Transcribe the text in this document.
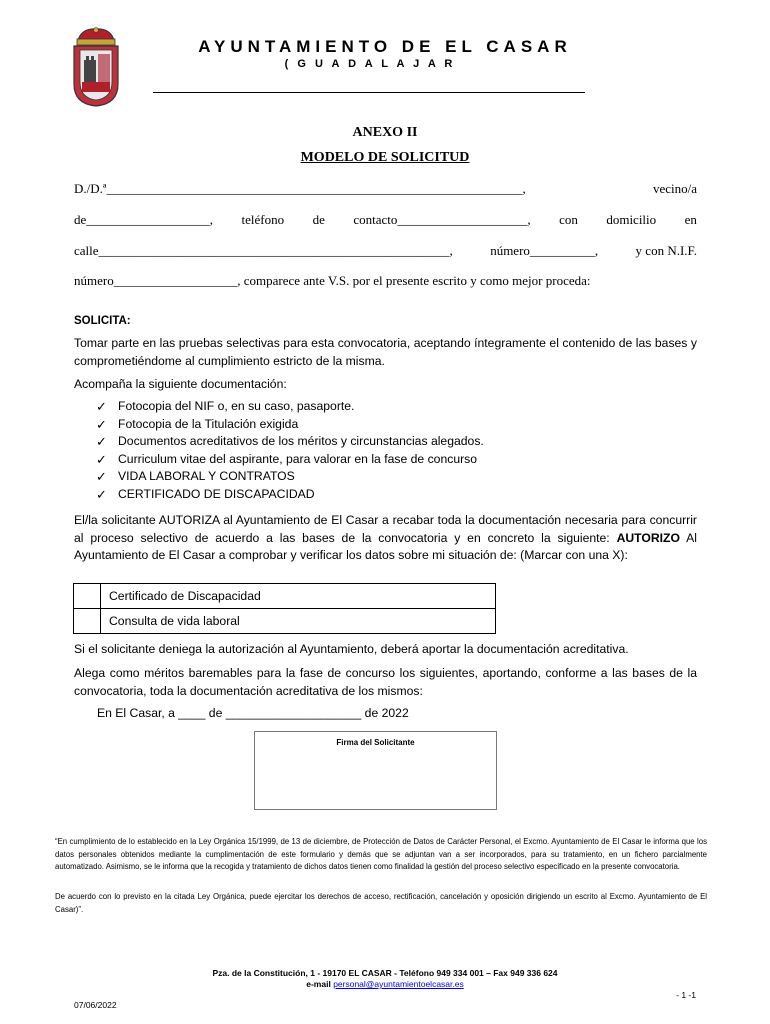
AYUNTAMIENTO DE EL CASAR
( G U A D A L A J A R
ANEXO II
MODELO DE SOLICITUD
D./D.ª________________________________________________________________,	vecino/a
de___________________, teléfono de contacto____________________, con domicilio en
calle______________________________________________________,	número__________,	y con N.I.F.
número___________________, comparece ante V.S. por el presente escrito y como mejor proceda:
SOLICITA:
Tomar parte en las pruebas selectivas para esta convocatoria, aceptando íntegramente el contenido de las bases y comprometiéndome al cumplimiento estricto de la misma.
Acompaña la siguiente documentación:
✓ Fotocopia del NIF o, en su caso, pasaporte.
✓ Fotocopia de la Titulación exigida
✓ Documentos acreditativos de los méritos y circunstancias alegados.
✓ Curriculum vitae del aspirante, para valorar en la fase de concurso
✓ VIDA LABORAL Y CONTRATOS
✓ CERTIFICADO DE DISCAPACIDAD
El/la solicitante AUTORIZA al Ayuntamiento de El Casar a recabar toda la documentación necesaria para concurrir al proceso selectivo de acuerdo a las bases de la convocatoria y en concreto la siguiente: AUTORIZO Al Ayuntamiento de El Casar a comprobar y verificar los datos sobre mi situación de: (Marcar con una X):
	Certificado de Discapacidad
	Consulta de vida laboral
Si el solicitante deniega la autorización al Ayuntamiento, deberá aportar la documentación acreditativa.
Alega como méritos baremables para la fase de concurso los siguientes, aportando, conforme a las bases de la convocatoria, toda la documentación acreditativa de los mismos:
En El Casar, a ____ de ____________________ de 2022
Firma del Solicitante
“En cumplimiento de lo establecido en la Ley Orgánica 15/1999, de 13 de diciembre, de Protección de Datos de Carácter Personal, el Excmo. Ayuntamiento de El Casar le informa que los datos personales obtenidos mediante la cumplimentación de este formulario y demás que se adjuntan van a ser incorporados, para su tratamiento, en un fichero parcialmente automatizado. Asimismo, se le informa que la recogida y tratamiento de dichos datos tienen como finalidad la gestión del proceso selectivo especificado en la presente convocatoria.
De acuerdo con lo previsto en la citada Ley Orgánica, puede ejercitar los derechos de acceso, rectificación, cancelación y oposición dirigiendo un escrito al Excmo. Ayuntamiento de El Casar)”.
Pza. de la Constitución, 1 - 19170 EL CASAR - Teléfono 949 334 001 – Fax 949 336 624
e-mail personal@ayuntamientoelcasar.es
07/06/2022
- 1 -1
